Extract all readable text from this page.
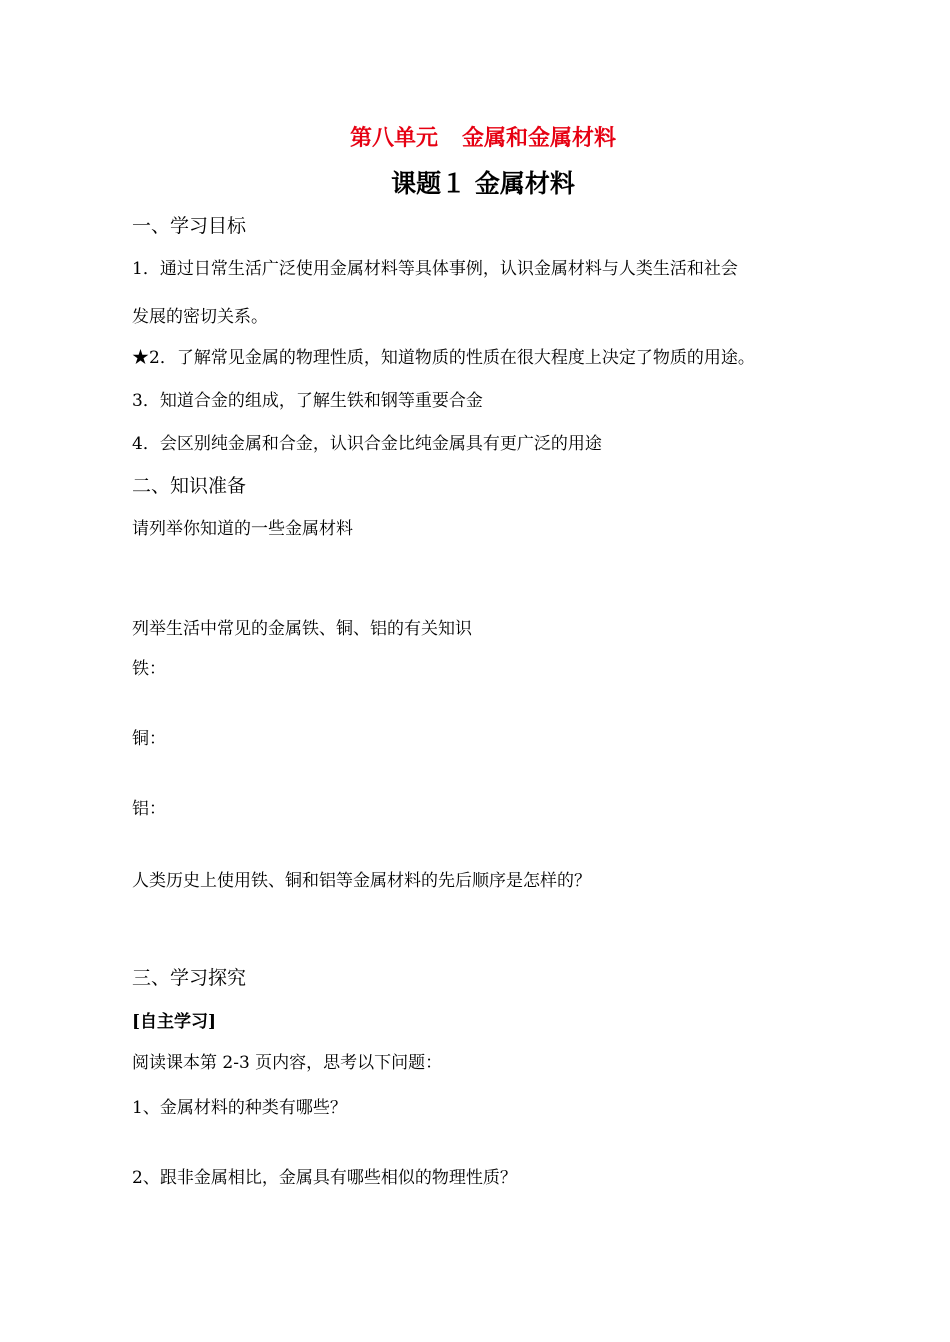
第八单元 金属和金属材料
课题１ 金属材料
一、学习目标
1．通过日常生活广泛使用金属材料等具体事例，认识金属材料与人类生活和社会
发展的密切关系。
★2．了解常见金属的物理性质，知道物质的性质在很大程度上决定了物质的用途。
3．知道合金的组成，了解生铁和钢等重要合金
4．会区别纯金属和合金，认识合金比纯金属具有更广泛的用途
二、知识准备
请列举你知道的一些金属材料
列举生活中常见的金属铁、铜、铝的有关知识
铁：
铜：
铝：
人类历史上使用铁、铜和铝等金属材料的先后顺序是怎样的？
三、学习探究
[自主学习]
阅读课本第 2-3 页内容，思考以下问题：
1、金属材料的种类有哪些？
2、跟非金属相比，金属具有哪些相似的物理性质？
